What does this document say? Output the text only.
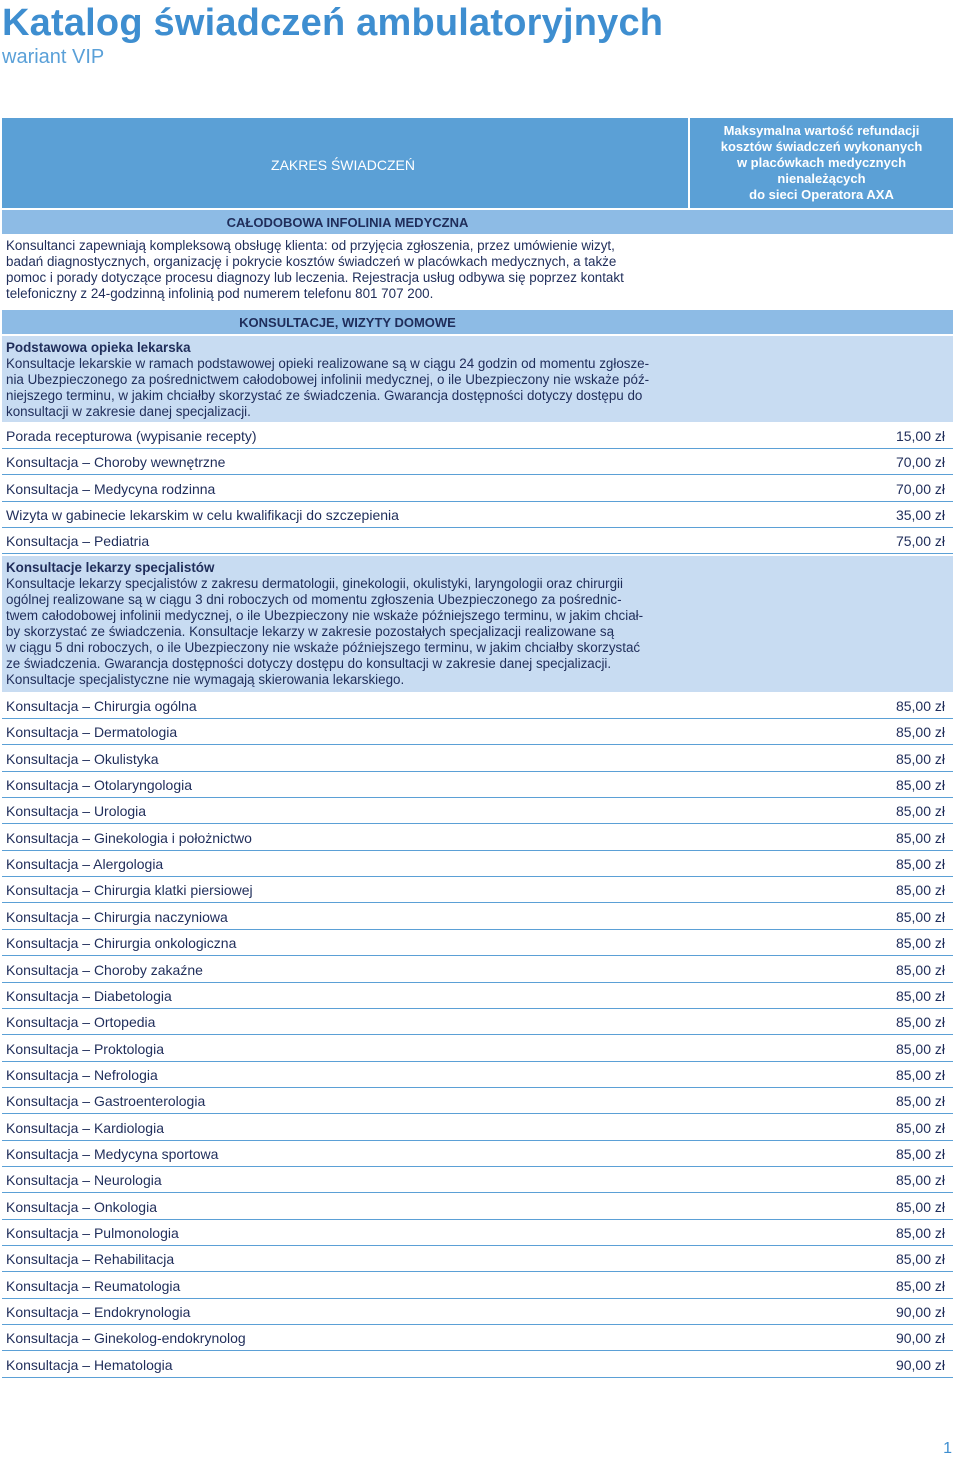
Katalog świadczeń ambulatoryjnych
wariant VIP
ZAKRES ŚWIADCZEŃ
Maksymalna wartość refundacji
kosztów świadczeń wykonanych
w placówkach medycznych
nienależących
do sieci Operatora AXA
CAŁODOBOWA INFOLINIA MEDYCZNA
Konsultanci zapewniają kompleksową obsługę klienta: od przyjęcia zgłoszenia, przez umówienie wizyt,
badań diagnostycznych, organizację i pokrycie kosztów świadczeń w placówkach medycznych, a także
pomoc i porady dotyczące procesu diagnozy lub leczenia. Rejestracja usług odbywa się poprzez kontakt
telefoniczny z 24-godzinną infolinią pod numerem telefonu 801 707 200.
KONSULTACJE, WIZYTY DOMOWE
Podstawowa opieka lekarska
Konsultacje lekarskie w ramach podstawowej opieki realizowane są w ciągu 24 godzin od momentu zgłosze-
nia Ubezpieczonego za pośrednictwem całodobowej infolinii medycznej, o ile Ubezpieczony nie wskaże póź-
niejszego terminu, w jakim chciałby skorzystać ze świadczenia. Gwarancja dostępności dotyczy dostępu do
konsultacji w zakresie danej specjalizacji.
Porada recepturowa (wypisanie recepty)	15,00 zł
Konsultacja – Choroby wewnętrzne	70,00 zł
Konsultacja – Medycyna rodzinna	70,00 zł
Wizyta w gabinecie lekarskim w celu kwalifikacji do szczepienia	35,00 zł
Konsultacja – Pediatria	75,00 zł
Konsultacje lekarzy specjalistów
Konsultacje lekarzy specjalistów z zakresu dermatologii, ginekologii, okulistyki, laryngologii oraz chirurgii
ogólnej realizowane są w ciągu 3 dni roboczych od momentu zgłoszenia Ubezpieczonego za pośrednic-
twem całodobowej infolinii medycznej, o ile Ubezpieczony nie wskaże późniejszego terminu, w jakim chciał-
by skorzystać ze świadczenia. Konsultacje lekarzy w zakresie pozostałych specjalizacji realizowane są
w ciągu 5 dni roboczych, o ile Ubezpieczony nie wskaże późniejszego terminu, w jakim chciałby skorzystać
ze świadczenia. Gwarancja dostępności dotyczy dostępu do konsultacji w zakresie danej specjalizacji.
Konsultacje specjalistyczne nie wymagają skierowania lekarskiego.
Konsultacja – Chirurgia ogólna	85,00 zł
Konsultacja – Dermatologia	85,00 zł
Konsultacja – Okulistyka	85,00 zł
Konsultacja – Otolaryngologia	85,00 zł
Konsultacja – Urologia	85,00 zł
Konsultacja – Ginekologia i położnictwo	85,00 zł
Konsultacja – Alergologia	85,00 zł
Konsultacja – Chirurgia klatki piersiowej	85,00 zł
Konsultacja – Chirurgia naczyniowa	85,00 zł
Konsultacja – Chirurgia onkologiczna	85,00 zł
Konsultacja – Choroby zakaźne	85,00 zł
Konsultacja – Diabetologia	85,00 zł
Konsultacja – Ortopedia	85,00 zł
Konsultacja – Proktologia	85,00 zł
Konsultacja – Nefrologia	85,00 zł
Konsultacja – Gastroenterologia	85,00 zł
Konsultacja – Kardiologia	85,00 zł
Konsultacja – Medycyna sportowa	85,00 zł
Konsultacja – Neurologia	85,00 zł
Konsultacja – Onkologia	85,00 zł
Konsultacja – Pulmonologia	85,00 zł
Konsultacja – Rehabilitacja	85,00 zł
Konsultacja – Reumatologia	85,00 zł
Konsultacja – Endokrynologia	90,00 zł
Konsultacja – Ginekolog-endokrynolog	90,00 zł
Konsultacja – Hematologia	90,00 zł
1
